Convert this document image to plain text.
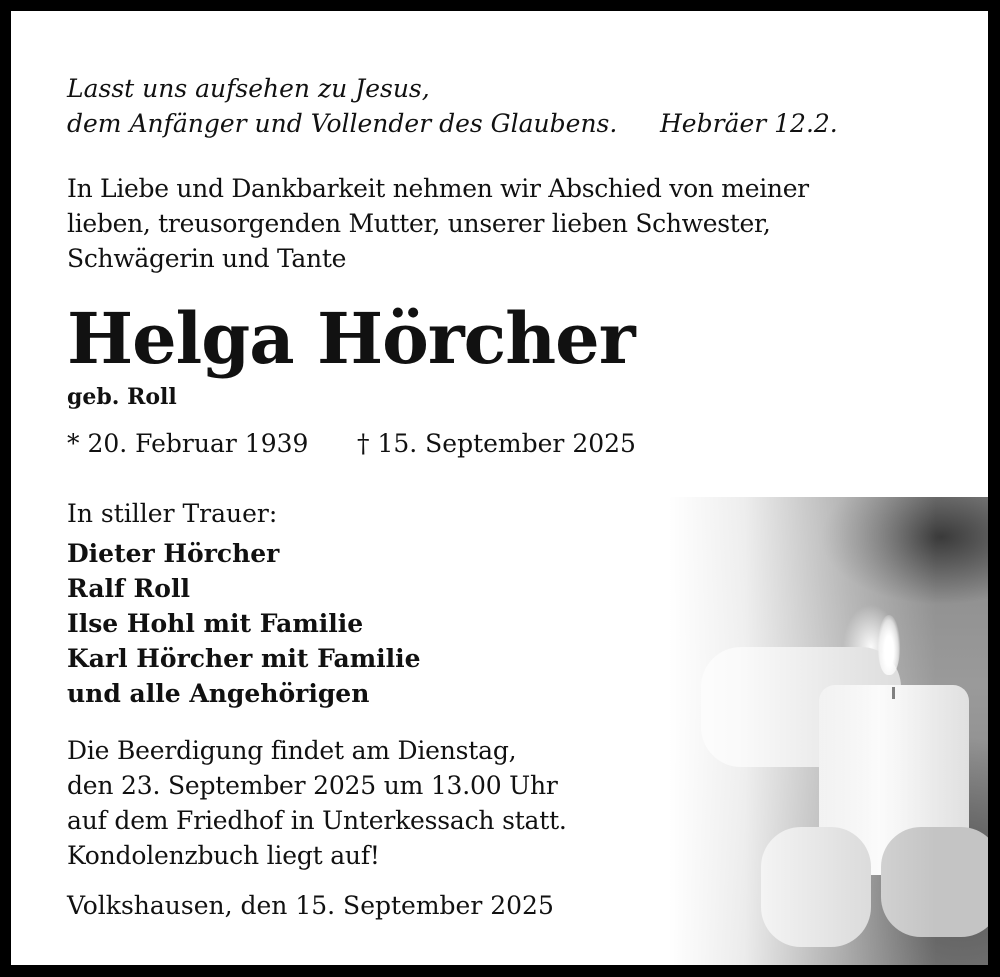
Lasst uns aufsehen zu Jesus,
dem Anfänger und Vollender des Glaubens. Hebräer 12.2.
In Liebe und Dankbarkeit nehmen wir Abschied von meiner
lieben, treusorgenden Mutter, unserer lieben Schwester,
Schwägerin und Tante
Helga Hörcher
geb. Roll
* 20. Februar 1939 † 15. September 2025
In stiller Trauer:
Dieter Hörcher
Ralf Roll
Ilse Hohl mit Familie
Karl Hörcher mit Familie
und alle Angehörigen
Die Beerdigung findet am Dienstag,
den 23. September 2025 um 13.00 Uhr
auf dem Friedhof in Unterkessach statt.
Kondolenzbuch liegt auf!
Volkshausen, den 15. September 2025
